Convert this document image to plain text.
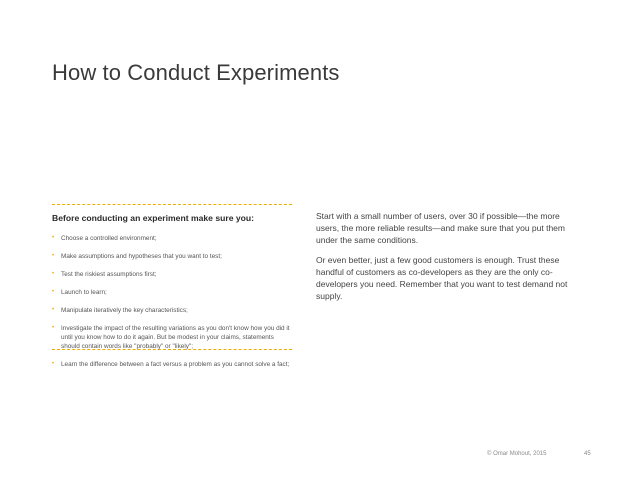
How to Conduct Experiments
Before conducting an experiment make sure you:
• Choose a controlled environment;
• Make assumptions and hypotheses that you want to test;
• Test the riskiest assumptions first;
• Launch to learn;
• Manipulate iteratively the key characteristics;
• Investigate the impact of the resulting variations as you don't know how you did it until you know how to do it again. But be modest in your claims, statements should contain words like "probably" or "likely";
• Learn the difference between a fact versus a problem as you cannot solve a fact;

Start with a small number of users, over 30 if possible—the more users, the more reliable results—and make sure that you put them under the same conditions.

Or even better, just a few good customers is enough. Trust these handful of customers as co-developers as they are the only co-developers you need. Remember that you want to test demand not supply.

© Omar Mohout, 2015	45
